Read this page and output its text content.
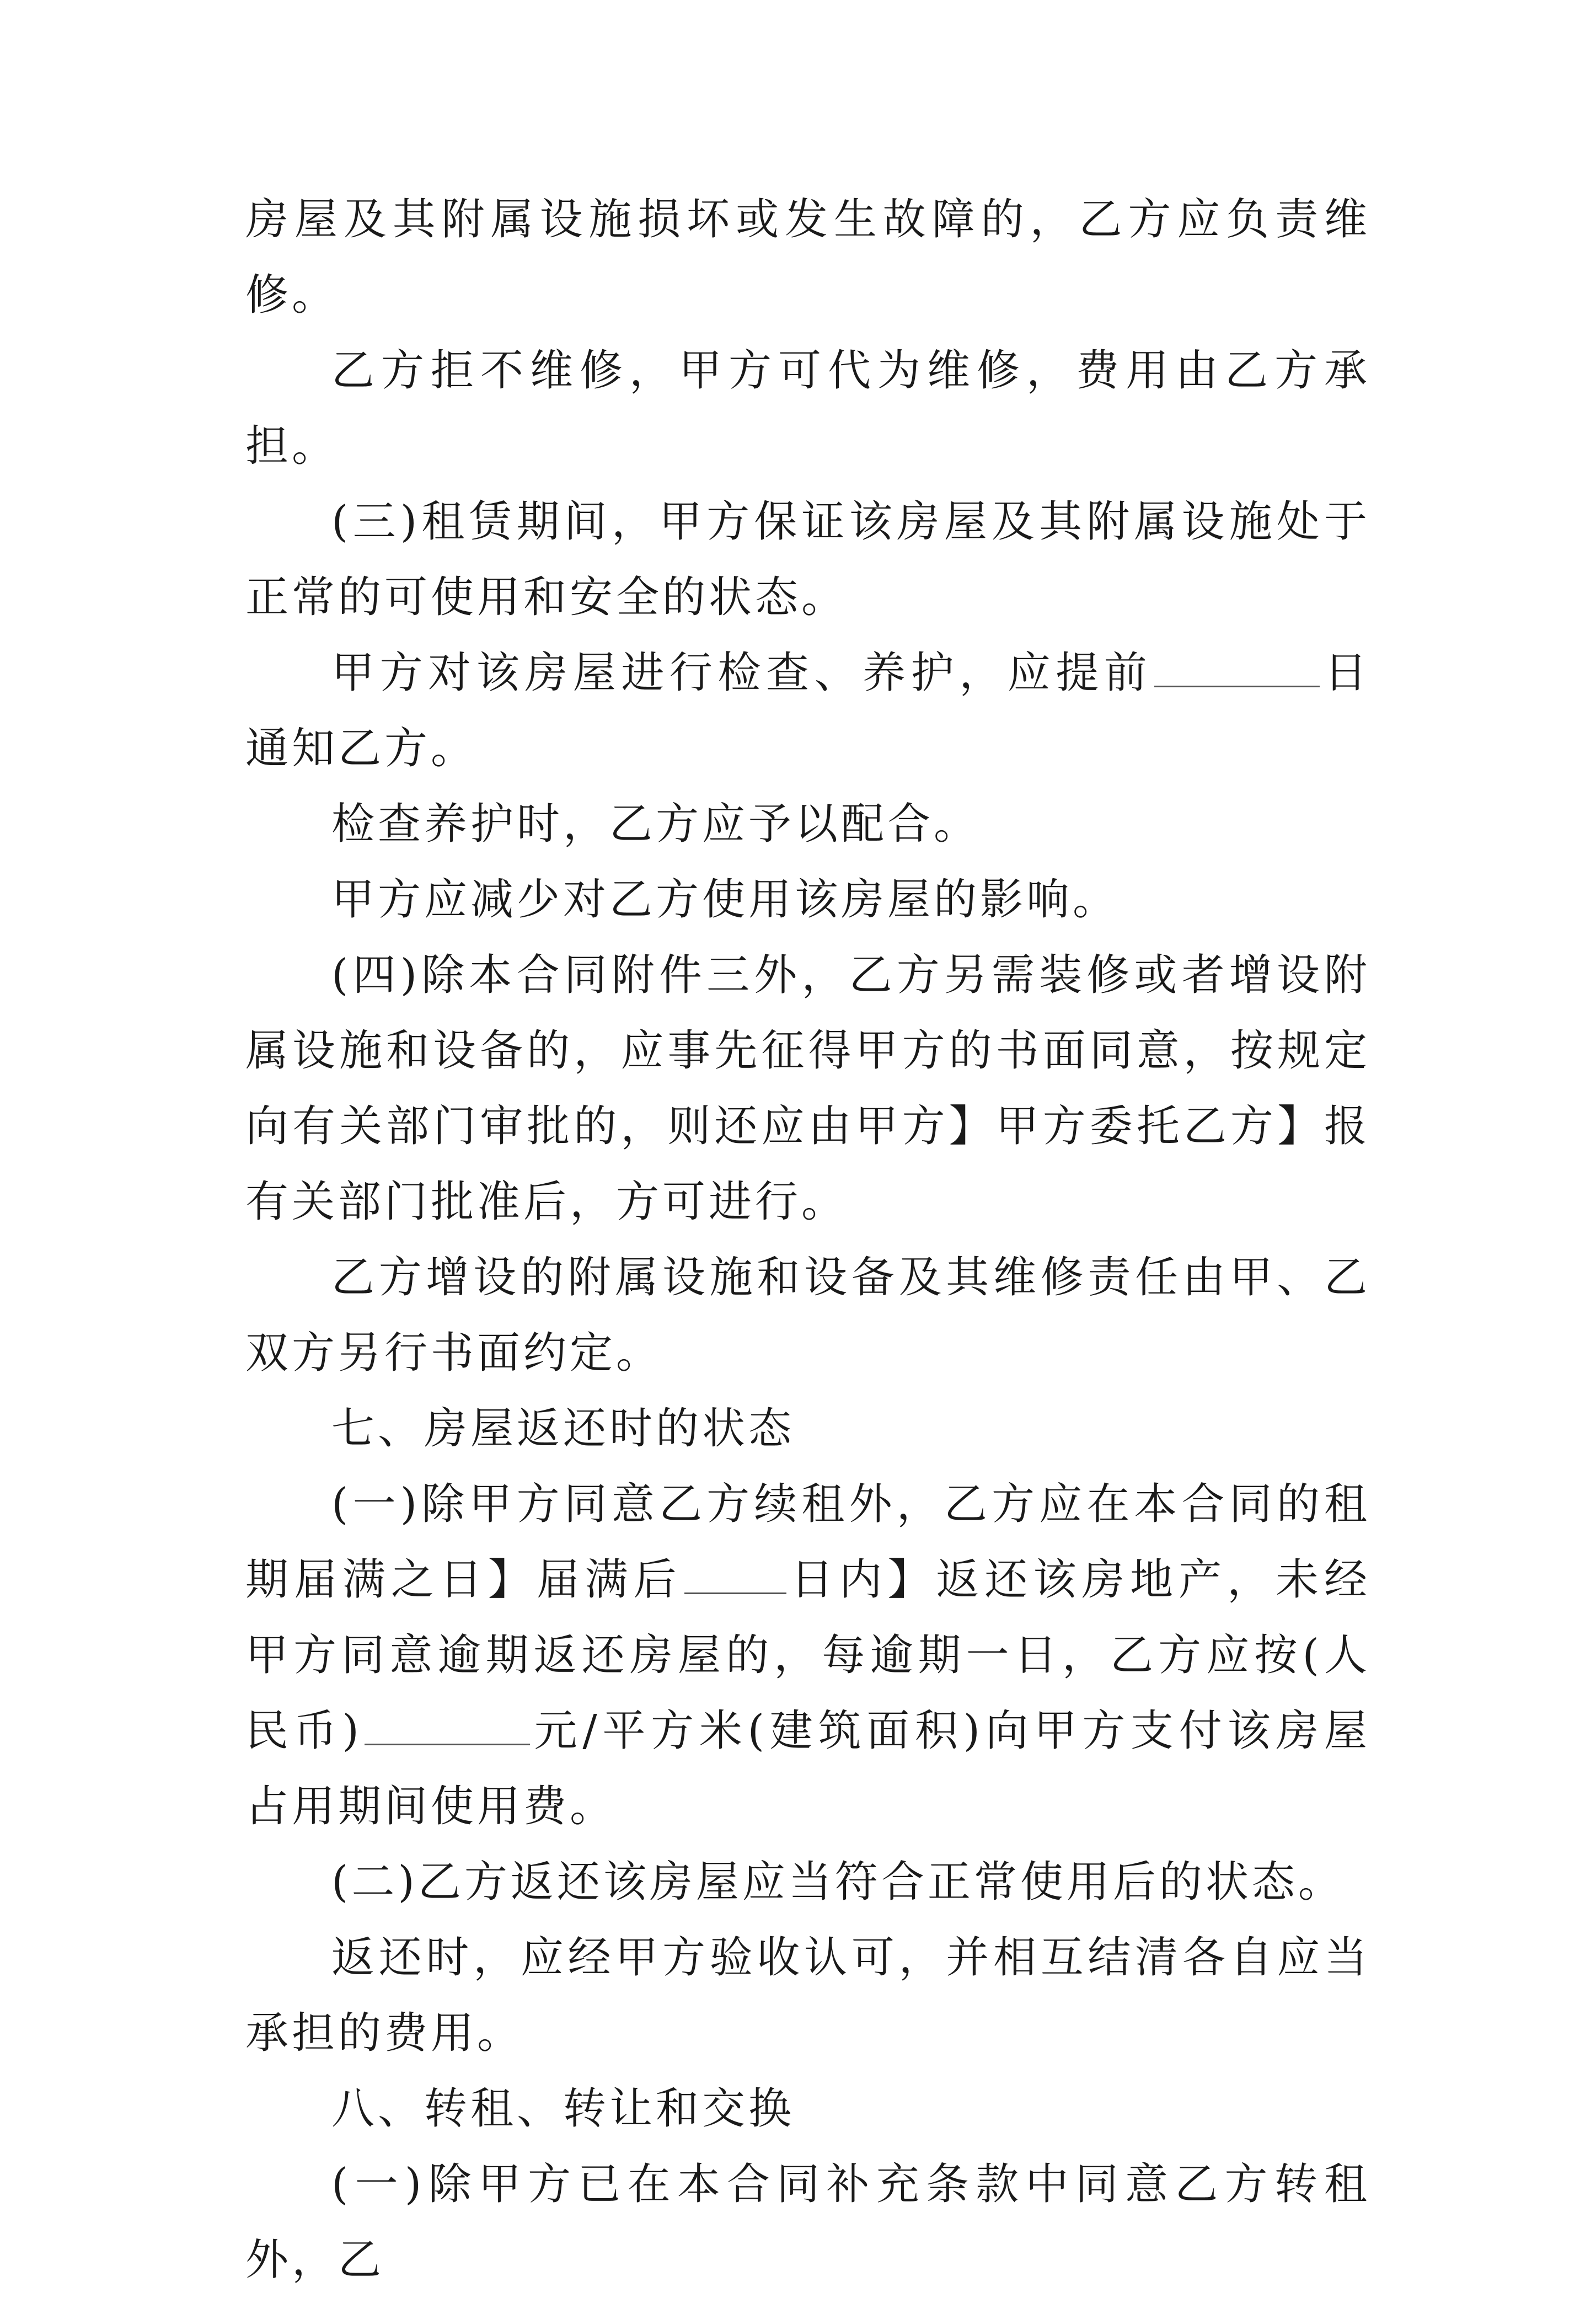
房屋及其附属设施损坏或发生故障的，乙方应负责维修。

乙方拒不维修，甲方可代为维修，费用由乙方承担。

(三)租赁期间，甲方保证该房屋及其附属设施处于正常的可使用和安全的状态。

甲方对该房屋进行检查、养护，应提前	日通知乙方。

检查养护时，乙方应予以配合。

甲方应减少对乙方使用该房屋的影响。

(四)除本合同附件三外，乙方另需装修或者增设附属设施和设备的，应事先征得甲方的书面同意，按规定向有关部门审批的，则还应由甲方】甲方委托乙方】报有关部门批准后，方可进行。

乙方增设的附属设施和设备及其维修责任由甲、乙双方另行书面约定。

七、房屋返还时的状态

(一)除甲方同意乙方续租外，乙方应在本合同的租期届满之日】届满后 日内】返还该房地产，未经甲方同意逾期返还房屋的，每逾期一日，乙方应按(人民币)	元/平方米(建筑面积)向甲方支付该房屋占用期间使用费。

(二)乙方返还该房屋应当符合正常使用后的状态。

返还时，应经甲方验收认可，并相互结清各自应当承担的费用。

八、转租、转让和交换

(一)除甲方已在本合同补充条款中同意乙方转租外，乙
